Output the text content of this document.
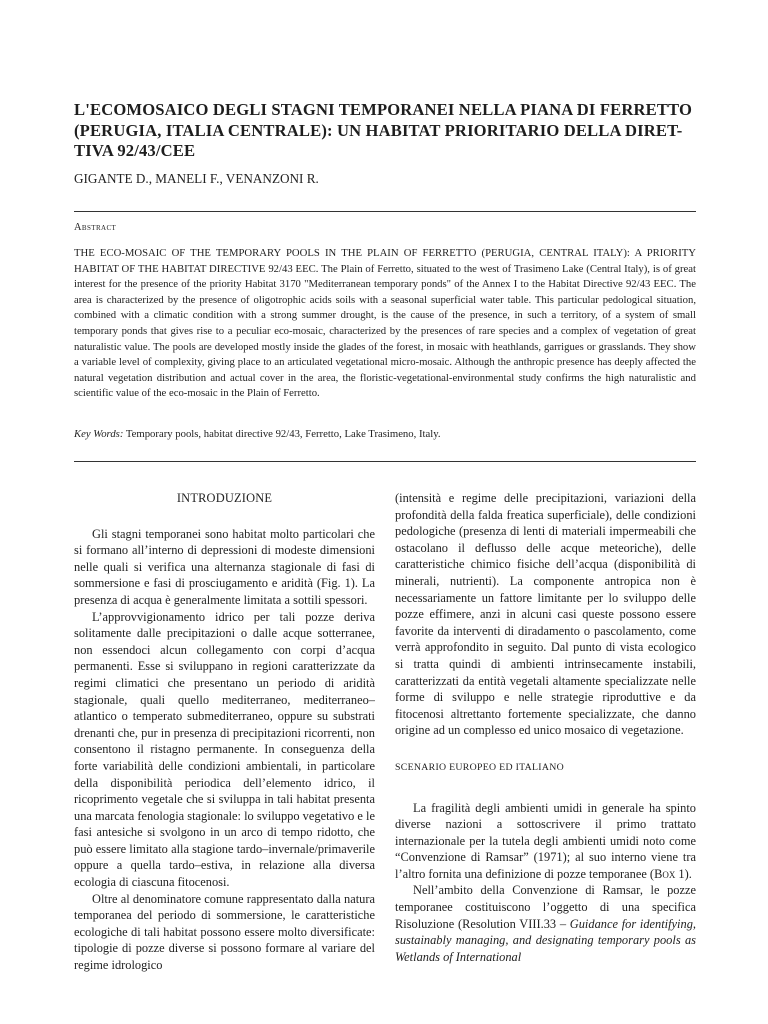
L'ECOMOSAICO DEGLI STAGNI TEMPORANEI NELLA PIANA DI FERRETTO
(PERUGIA, ITALIA CENTRALE): UN HABITAT PRIORITARIO DELLA DIRET-
TIVA 92/43/CEE
GIGANTE D., MANELI F., VENANZONI R.
Abstract
THE ECO-MOSAIC OF THE TEMPORARY POOLS IN THE PLAIN OF FERRETTO (PERUGIA, CENTRAL ITALY): A PRIORITY HABITAT OF THE HABITAT DIRECTIVE 92/43 EEC. The Plain of Ferretto, situated to the west of Trasimeno Lake (Central Italy), is of great interest for the presence of the priority Habitat 3170 "Mediterranean temporary ponds" of the Annex I to the Habitat Directive 92/43 EEC. The area is characterized by the presence of oligotrophic acids soils with a seasonal superficial water table. This particular pedological situation, combined with a climatic condition with a strong summer drought, is the cause of the presence, in such a territory, of a system of small temporary ponds that gives rise to a peculiar eco-mosaic, characterized by the presences of rare species and a complex of vegetation of great naturalistic value. The pools are developed mostly inside the glades of the forest, in mosaic with heathlands, garrigues or grasslands. They show a variable level of complexity, giving place to an articulated vegetational micro-mosaic. Although the anthropic presence has deeply affected the natural vegetation distribution and actual cover in the area, the floristic-vegetational-environmental study confirms the high naturalistic and scientific value of the eco-mosaic in the Plain of Ferretto.
Key Words: Temporary pools, habitat directive 92/43, Ferretto, Lake Trasimeno, Italy.
INTRODUZIONE

Gli stagni temporanei sono habitat molto particolari che si formano all’interno di depressioni di modeste dimensioni nelle quali si verifica una alternanza stagionale di fasi di sommersione e fasi di prosciugamento e aridità (Fig. 1). La presenza di acqua è generalmente limitata a sottili spessori.

L’approvvigionamento idrico per tali pozze deriva solitamente dalle precipitazioni o dalle acque sotterranee, non essendoci alcun collegamento con corpi d’acqua permanenti. Esse si sviluppano in regioni caratterizzate da regimi climatici che presentano un periodo di aridità stagionale, quali quello mediterraneo, mediterraneo–atlantico o temperato submediterraneo, oppure su substrati drenanti che, pur in presenza di precipitazioni ricorrenti, non consentono il ristagno permanente. In conseguenza della forte variabilità delle condizioni ambientali, in particolare della disponibilità periodica dell’elemento idrico, il ricoprimento vegetale che si sviluppa in tali habitat presenta una marcata fenologia stagionale: lo sviluppo vegetativo e le fasi antesiche si svolgono in un arco di tempo ridotto, che può essere limitato alla stagione tardo–invernale/primaverile oppure a quella tardo–estiva, in relazione alla diversa ecologia di ciascuna fitocenosi.

Oltre al denominatore comune rappresentato dalla natura temporanea del periodo di sommersione, le caratteristiche ecologiche di tali habitat possono essere molto diversificate: tipologie di pozze diverse si possono formare al variare del regime idrologico

(intensità e regime delle precipitazioni, variazioni della profondità della falda freatica superficiale), delle condizioni pedologiche (presenza di lenti di materiali impermeabili che ostacolano il deflusso delle acque meteoriche), delle caratteristiche chimico fisiche dell’acqua (disponibilità di minerali, nutrienti). La componente antropica non è necessariamente un fattore limitante per lo sviluppo delle pozze effimere, anzi in alcuni casi queste possono essere favorite da interventi di diradamento o pascolamento, come verrà approfondito in seguito. Dal punto di vista ecologico si tratta quindi di ambienti intrinsecamente instabili, caratterizzati da entità vegetali altamente specializzate nelle forme di sviluppo e nelle strategie riproduttive e da fitocenosi altrettanto fortemente specializzate, che danno origine ad un complesso ed unico mosaico di vegetazione.

SCENARIO EUROPEO ED ITALIANO

La fragilità degli ambienti umidi in generale ha spinto diverse nazioni a sottoscrivere il primo trattato internazionale per la tutela degli ambienti umidi noto come “Convenzione di Ramsar” (1971); al suo interno viene tra l’altro fornita una definizione di pozze temporanee (Box 1).

Nell’ambito della Convenzione di Ramsar, le pozze temporanee costituiscono l’oggetto di una specifica Risoluzione (Resolution VIII.33 – Guidance for identifying, sustainably managing, and designating temporary pools as Wetlands of International
